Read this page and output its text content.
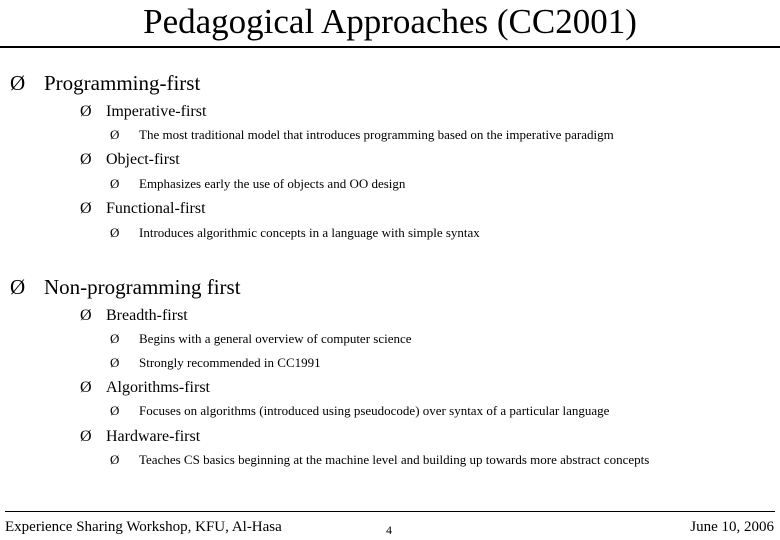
Pedagogical Approaches (CC2001)
Ø Programming-first
Ø Imperative-first
Ø The most traditional model that introduces programming based on the imperative paradigm
Ø Object-first
Ø Emphasizes early the use of objects and OO design
Ø Functional-first
Ø Introduces algorithmic concepts in a language with simple syntax
Ø Non-programming first
Ø Breadth-first
Ø Begins with a general overview of computer science
Ø Strongly recommended in CC1991
Ø Algorithms-first
Ø Focuses on algorithms (introduced using pseudocode) over syntax of a particular language
Ø Hardware-first
Ø Teaches CS basics beginning at the machine level and building up towards more abstract concepts
Experience Sharing Workshop, KFU, Al-Hasa	4	June 10, 2006
